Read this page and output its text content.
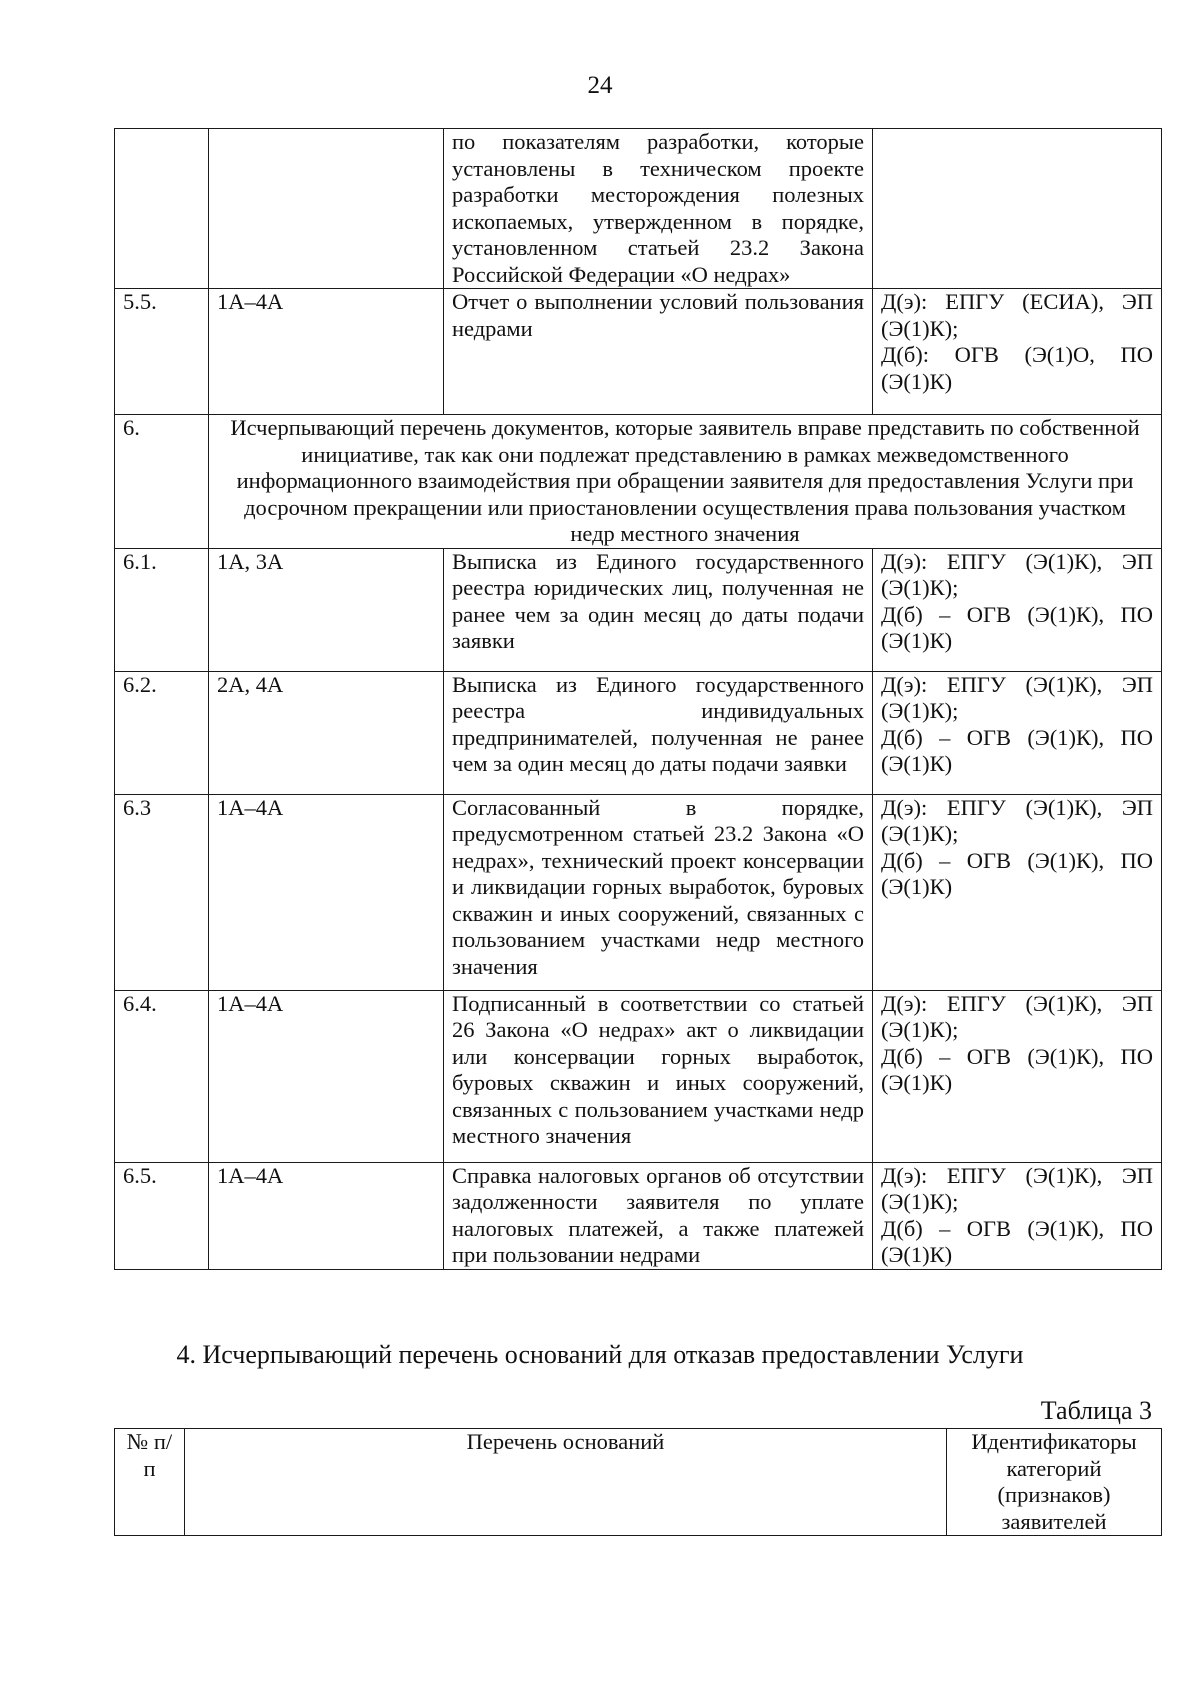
24
		по показателям разработки, которые установлены в техническом проекте разработки месторождения полезных ископаемых, утвержденном в порядке, установленном статьей 23.2 Закона Российской Федерации «О недрах»	
5.5.	1А–4А	Отчет о выполнении условий пользования недрами	Д(э): ЕПГУ (ЕСИА), ЭП (Э(1)К);
Д(б): ОГВ (Э(1)О, ПО (Э(1)К)

6.	Исчерпывающий перечень документов, которые заявитель вправе представить по собственной инициативе, так как они подлежат представлению в рамках межведомственного информационного взаимодействия при обращении заявителя для предоставления Услуги при досрочном прекращении или приостановлении осуществления права пользования участком недр местного значения		
6.1.	1А, 3А	Выписка из Единого государственного реестра юридических лиц, полученная не ранее чем за один месяц до даты подачи заявки	Д(э): ЕПГУ (Э(1)К), ЭП (Э(1)К);
Д(б) – ОГВ (Э(1)К), ПО (Э(1)К)

6.2.	2А, 4А	Выписка из Единого государственного реестра индивидуальных предпринимателей, полученная не ранее чем за один месяц до даты подачи заявки	Д(э): ЕПГУ (Э(1)К), ЭП (Э(1)К);
Д(б) – ОГВ (Э(1)К), ПО (Э(1)К)

6.3	1А–4А	Согласованный в порядке, предусмотренном статьей 23.2 Закона «О недрах», технический проект консервации и ликвидации горных выработок, буровых скважин и иных сооружений, связанных с пользованием участками недр местного значения	Д(э): ЕПГУ (Э(1)К), ЭП (Э(1)К);
Д(б) – ОГВ (Э(1)К), ПО (Э(1)К)

6.4.	1А–4А	Подписанный в соответствии со статьей 26 Закона «О недрах» акт о ликвидации или консервации горных выработок, буровых скважин и иных сооружений, связанных с пользованием участками недр местного значения	Д(э): ЕПГУ (Э(1)К), ЭП (Э(1)К);
Д(б) – ОГВ (Э(1)К), ПО (Э(1)К)

6.5.	1А–4А	Справка налоговых органов об отсутствии задолженности заявителя по уплате налоговых платежей, а также платежей при пользовании недрами	Д(э): ЕПГУ (Э(1)К), ЭП (Э(1)К);
Д(б) – ОГВ (Э(1)К), ПО (Э(1)К)
4. Исчерпывающий перечень оснований для отказав предоставлении Услуги
Таблица 3
№ п/п	Перечень оснований	Идентификаторы категорий (признаков) заявителей
